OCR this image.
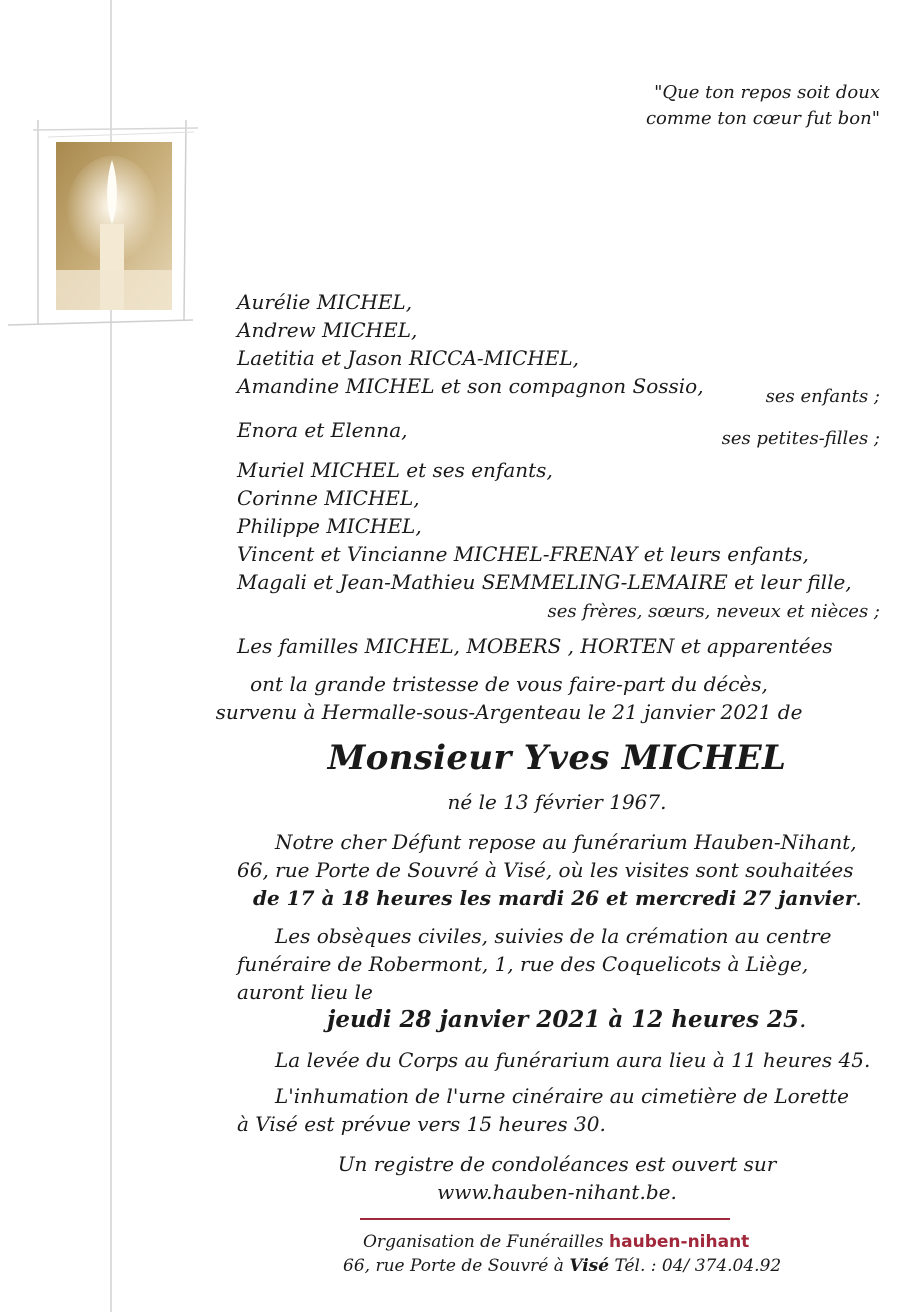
"Que ton repos soit doux
comme ton cœur fut bon"
Aurélie MICHEL,
Andrew MICHEL,
Laetitia et Jason RICCA-MICHEL,
Amandine MICHEL et son compagnon Sossio,	ses enfants ;
Enora et Elenna,	ses petites-filles ;
Muriel MICHEL et ses enfants,
Corinne MICHEL,
Philippe MICHEL,
Vincent et Vincianne MICHEL-FRENAY et leurs enfants,
Magali et Jean-Mathieu SEMMELING-LEMAIRE et leur fille,
ses frères, sœurs, neveux et nièces ;
Les familles MICHEL, MOBERS , HORTEN et apparentées
ont la grande tristesse de vous faire-part du décès,
survenu à Hermalle-sous-Argenteau le 21 janvier 2021 de
Monsieur Yves MICHEL
né le 13 février 1967.
Notre cher Défunt repose au funérarium Hauben-Nihant,
66, rue Porte de Souvré à Visé, où les visites sont souhaitées
de 17 à 18 heures les mardi 26 et mercredi 27 janvier.
Les obsèques civiles, suivies de la crémation au centre
funéraire de Robermont, 1, rue des Coquelicots à Liège,
auront lieu le
jeudi 28 janvier 2021 à 12 heures 25.
La levée du Corps au funérarium aura lieu à 11 heures 45.
L'inhumation de l'urne cinéraire au cimetière de Lorette
à Visé est prévue vers 15 heures 30.
Un registre de condoléances est ouvert sur
www.hauben-nihant.be.
Organisation de Funérailles hauben-nihant
66, rue Porte de Souvré à Visé Tél. : 04/ 374.04.92
